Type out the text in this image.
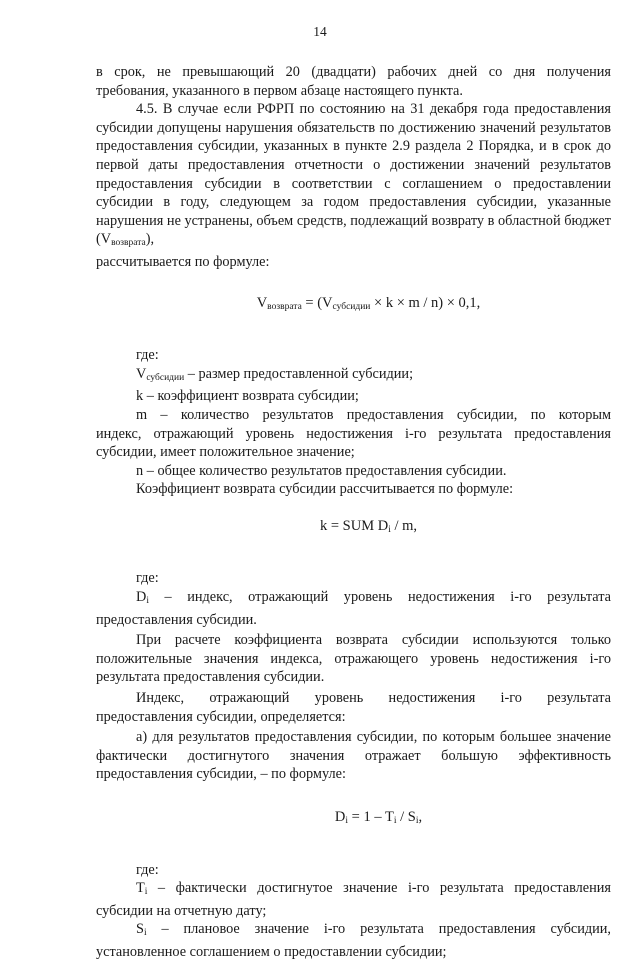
14

в срок, не превышающий 20 (двадцати) рабочих дней со дня получения

требования, указанного в первом абзаце настоящего пункта.

4.5. В случае если РФРП по состоянию на 31 декабря года предоставления субсидии допущены нарушения обязательств по достижению значений результатов предоставления субсидии, указанных в пункте 2.9 раздела 2 Порядка, и в срок до первой даты предоставления отчетности о достижении значений результатов предоставления субсидии в соответствии с соглашением о предоставлении субсидии в году, следующем за годом предоставления субсидии, указанные нарушения не устранены, объем средств, подлежащий возврату в областной бюджет $(V_{возврата})$,

рассчитывается по формуле:

$V_{возврата} = (V_{субсидии} \times k \times m / n) \times 0,1$,

где:

$V_{субсидии}$ – размер предоставленной субсидии;

k – коэффициент возврата субсидии;

m – количество результатов предоставления субсидии, по которым

индекс, отражающий уровень недостижения i-го результата предоставления субсидии, имеет положительное значение;

n – общее количество результатов предоставления субсидии.

Коэффициент возврата субсидии рассчитывается по формуле:

k = SUM $D_i$ / m,

где:

$D_i$ – индекс, отражающий уровень недостижения i-го результата

предоставления субсидии.

При расчете коэффициента возврата субсидии используются только положительные значения индекса, отражающего уровень недостижения i-го результата предоставления субсидии.

Индекс, отражающий уровень недостижения i-го результата

предоставления субсидии, определяется:

а) для результатов предоставления субсидии, по которым большее значение фактически достигнутого значения отражает большую эффективность предоставления субсидии, – по формуле:

$D_i = 1 - T_i / S_i$,

где:

$T_i$ – фактически достигнутое значение i-го результата предоставления субсидии на отчетную дату;

$S_i$ – плановое значение i-го результата предоставления субсидии, установленное соглашением о предоставлении субсидии;
